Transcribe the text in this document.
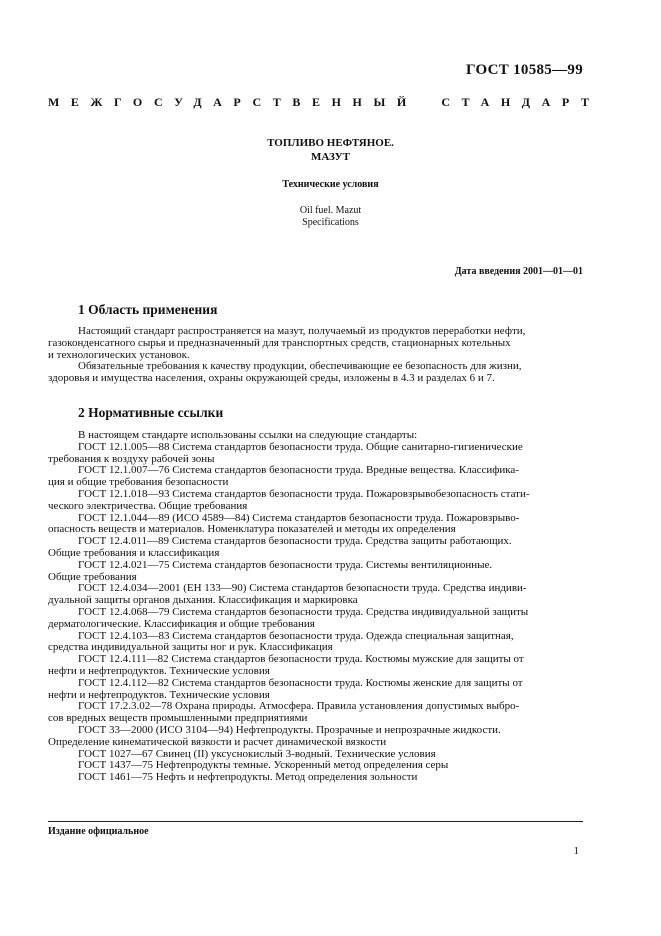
ГОСТ 10585—99
МЕЖГОСУДАРСТВЕННЫЙ СТАНДАРТ
ТОПЛИВО НЕФТЯНОЕ.
МАЗУТ
Технические условия
Oil fuel. Mazut
Specifications
Дата введения 2001—01—01
1 Область применения
Настоящий стандарт распространяется на мазут, получаемый из продуктов переработки нефти,
газоконденсатного сырья и предназначенный для транспортных средств, стационарных котельных
и технологических установок.
Обязательные требования к качеству продукции, обеспечивающие ее безопасность для жизни,
здоровья и имущества населения, охраны окружающей среды, изложены в 4.3 и разделах 6 и 7.
2 Нормативные ссылки
В настоящем стандарте использованы ссылки на следующие стандарты:
ГОСТ 12.1.005—88 Система стандартов безопасности труда. Общие санитарно-гигиенические
требования к воздуху рабочей зоны
ГОСТ 12.1.007—76 Система стандартов безопасности труда. Вредные вещества. Классифика-
ция и общие требования безопасности
ГОСТ 12.1.018—93 Система стандартов безопасности труда. Пожаровзрывобезопасность стати-
ческого электричества. Общие требования
ГОСТ 12.1.044—89 (ИСО 4589—84) Система стандартов безопасности труда. Пожаровзрыво-
опасность веществ и материалов. Номенклатура показателей и методы их определения
ГОСТ 12.4.011—89 Система стандартов безопасности труда. Средства защиты работающих.
Общие требования и классификация
ГОСТ 12.4.021—75 Система стандартов безопасности труда. Системы вентиляционные.
Общие требования
ГОСТ 12.4.034—2001 (ЕН 133—90) Система стандартов безопасности труда. Средства индиви-
дуальной защиты органов дыхания. Классификация и маркировка
ГОСТ 12.4.068—79 Система стандартов безопасности труда. Средства индивидуальной защиты
дерматологические. Классификация и общие требования
ГОСТ 12.4.103—83 Система стандартов безопасности труда. Одежда специальная защитная,
средства индивидуальной защиты ног и рук. Классификация
ГОСТ 12.4.111—82 Система стандартов безопасности труда. Костюмы мужские для защиты от
нефти и нефтепродуктов. Технические условия
ГОСТ 12.4.112—82 Система стандартов безопасности труда. Костюмы женские для защиты от
нефти и нефтепродуктов. Технические условия
ГОСТ 17.2.3.02—78 Охрана природы. Атмосфера. Правила установления допустимых выбро-
сов вредных веществ промышленными предприятиями
ГОСТ 33—2000 (ИСО 3104—94) Нефтепродукты. Прозрачные и непрозрачные жидкости.
Определение кинематической вязкости и расчет динамической вязкости
ГОСТ 1027—67 Свинец (II) уксуснокислый 3-водный. Технические условия
ГОСТ 1437—75 Нефтепродукты темные. Ускоренный метод определения серы
ГОСТ 1461—75 Нефть и нефтепродукты. Метод определения зольности
Издание официальное
1
